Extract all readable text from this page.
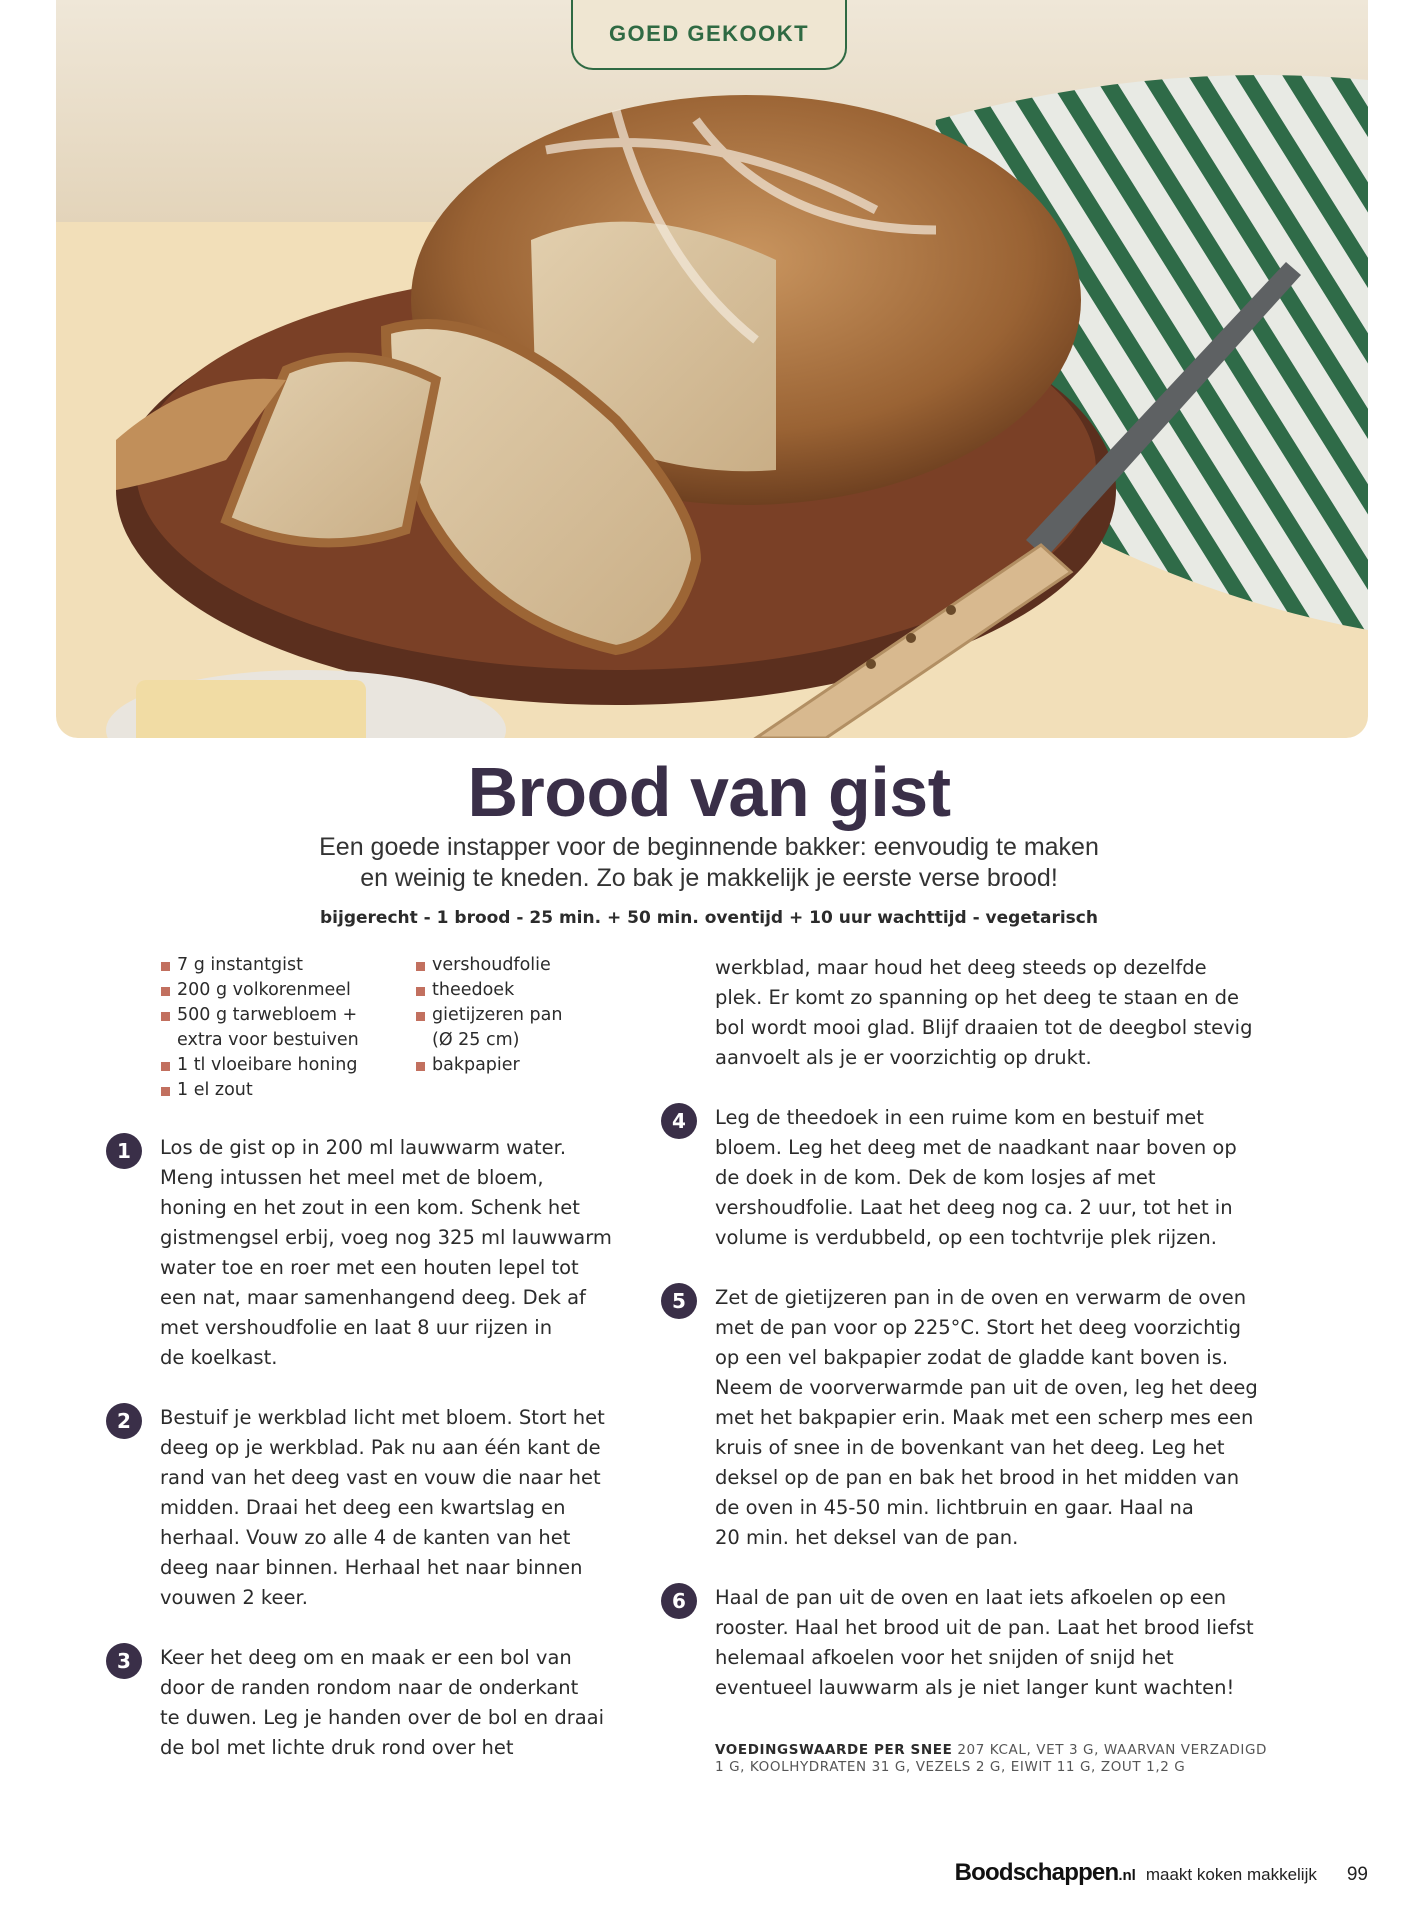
GOED GEKOOKT
Brood van gist
Een goede instapper voor de beginnende bakker: eenvoudig te maken
en weinig te kneden. Zo bak je makkelijk je eerste verse brood!
bijgerecht - 1 brood - 25 min. + 50 min. oventijd + 10 uur wachttijd - vegetarisch
7 g instantgist
200 g volkorenmeel
500 g tarwebloem +
extra voor bestuiven
1 tl vloeibare honing
1 el zout
vershoudfolie
theedoek
gietijzeren pan
(Ø 25 cm)
bakpapier
1	Los de gist op in 200 ml lauwwarm water.
Meng intussen het meel met de bloem,
honing en het zout in een kom. Schenk het
gistmengsel erbij, voeg nog 325 ml lauwwarm
water toe en roer met een houten lepel tot
een nat, maar samenhangend deeg. Dek af
met vershoudfolie en laat 8 uur rijzen in
de koelkast.

2	Bestuif je werkblad licht met bloem. Stort het
deeg op je werkblad. Pak nu aan één kant de
rand van het deeg vast en vouw die naar het
midden. Draai het deeg een kwartslag en
herhaal. Vouw zo alle 4 de kanten van het
deeg naar binnen. Herhaal het naar binnen
vouwen 2 keer.

3	Keer het deeg om en maak er een bol van
door de randen rondom naar de onderkant
te duwen. Leg je handen over de bol en draai
de bol met lichte druk rond over het

werkblad, maar houd het deeg steeds op dezelfde
plek. Er komt zo spanning op het deeg te staan en de
bol wordt mooi glad. Blijf draaien tot de deegbol stevig
aanvoelt als je er voorzichtig op drukt.

4	Leg de theedoek in een ruime kom en bestuif met
bloem. Leg het deeg met de naadkant naar boven op
de doek in de kom. Dek de kom losjes af met
vershoudfolie. Laat het deeg nog ca. 2 uur, tot het in
volume is verdubbeld, op een tochtvrije plek rijzen.

5	Zet de gietijzeren pan in de oven en verwarm de oven
met de pan voor op 225°C. Stort het deeg voorzichtig
op een vel bakpapier zodat de gladde kant boven is.
Neem de voorverwarmde pan uit de oven, leg het deeg
met het bakpapier erin. Maak met een scherp mes een
kruis of snee in de bovenkant van het deeg. Leg het
deksel op de pan en bak het brood in het midden van
de oven in 45-50 min. lichtbruin en gaar. Haal na
20 min. het deksel van de pan.

6	Haal de pan uit de oven en laat iets afkoelen op een
rooster. Haal het brood uit de pan. Laat het brood liefst
helemaal afkoelen voor het snijden of snijd het
eventueel lauwwarm als je niet langer kunt wachten!

VOEDINGSWAARDE PER SNEE 207 KCAL, VET 3 G, WAARVAN VERZADIGD
1 G, KOOLHYDRATEN 31 G, VEZELS 2 G, EIWIT 11 G, ZOUT 1,2 G
Boodschappen.nl maakt koken makkelijk 99
